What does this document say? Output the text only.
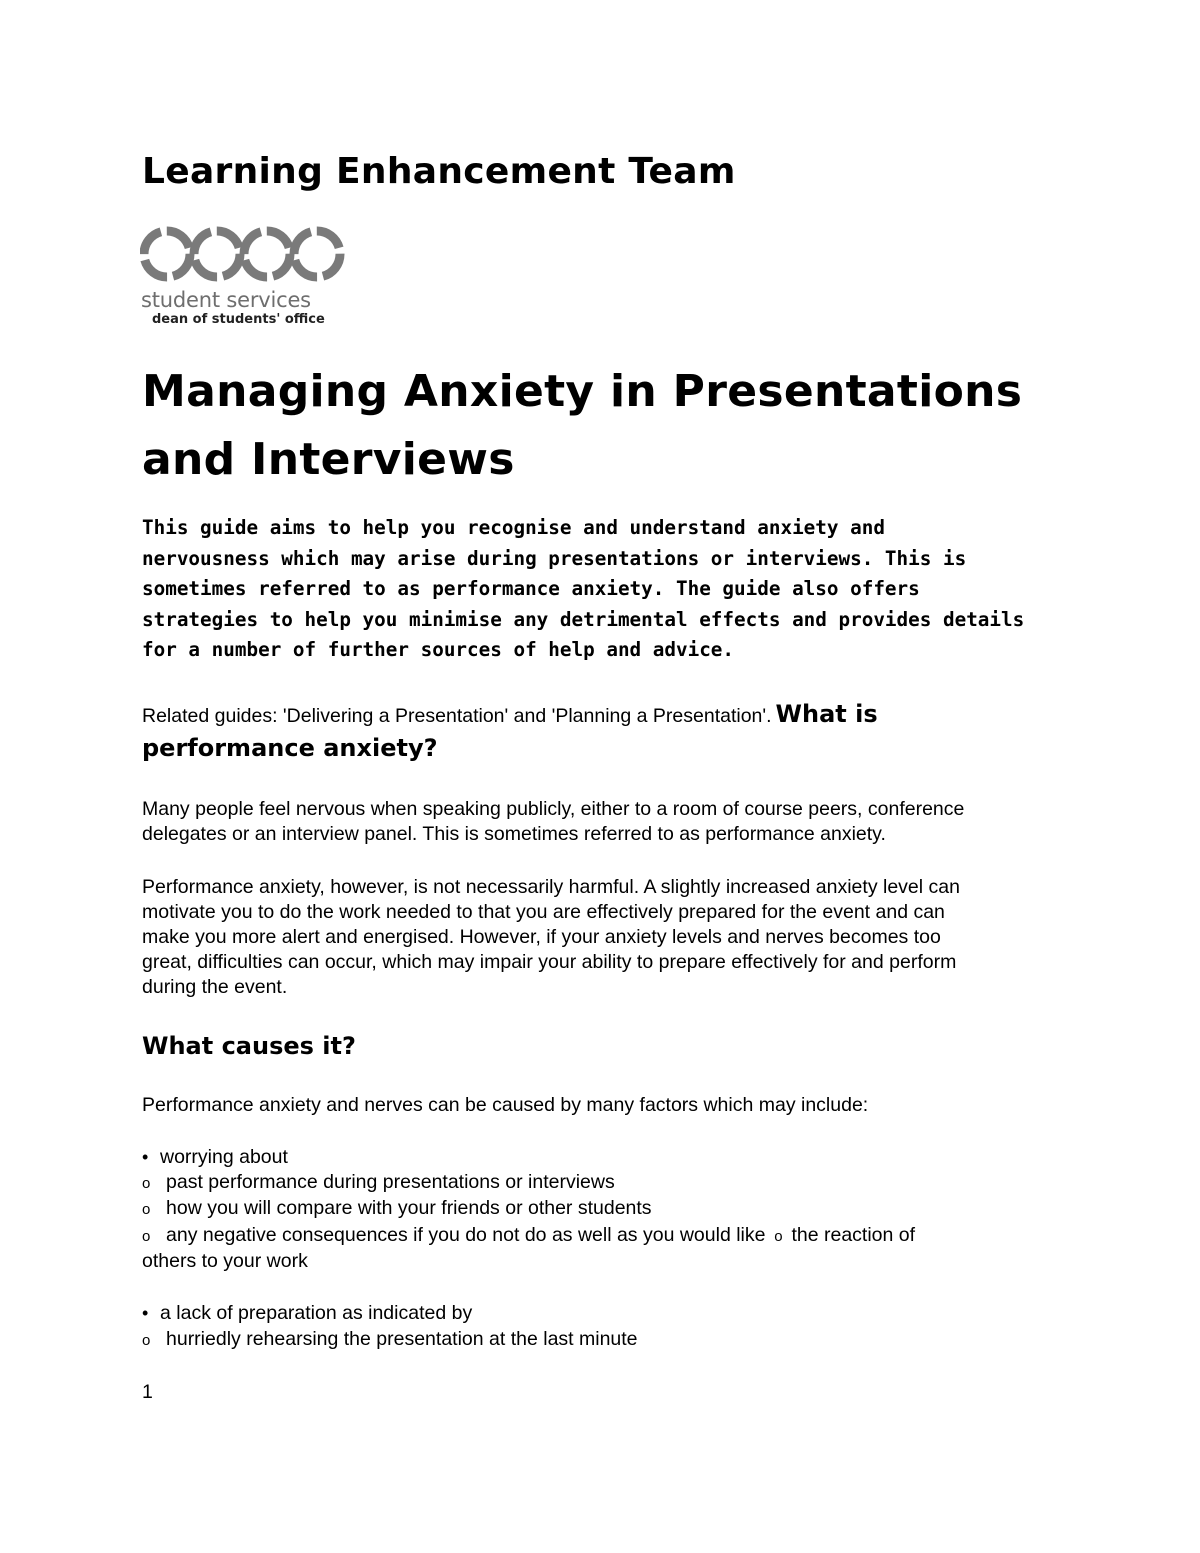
Learning Enhancement Team
student services
dean of students' office
Managing Anxiety in Presentations and Interviews
This guide aims to help you recognise and understand anxiety and
nervousness which may arise during presentations or interviews. This is
sometimes referred to as performance anxiety. The guide also offers
strategies to help you minimise any detrimental effects and provides details
for a number of further sources of help and advice.
Related guides: 'Delivering a Presentation' and 'Planning a Presentation'. What is
performance anxiety?
Many people feel nervous when speaking publicly, either to a room of course peers, conference
delegates or an interview panel. This is sometimes referred to as performance anxiety.
Performance anxiety, however, is not necessarily harmful. A slightly increased anxiety level can
motivate you to do the work needed to that you are effectively prepared for the event and can
make you more alert and energised. However, if your anxiety levels and nerves becomes too
great, difficulties can occur, which may impair your ability to prepare effectively for and perform
during the event.
What causes it?
Performance anxiety and nerves can be caused by many factors which may include:
• worrying about
o past performance during presentations or interviews
o how you will compare with your friends or other students
o any negative consequences if you do not do as well as you would like o the reaction of
others to your work
• a lack of preparation as indicated by
o hurriedly rehearsing the presentation at the last minute
1
